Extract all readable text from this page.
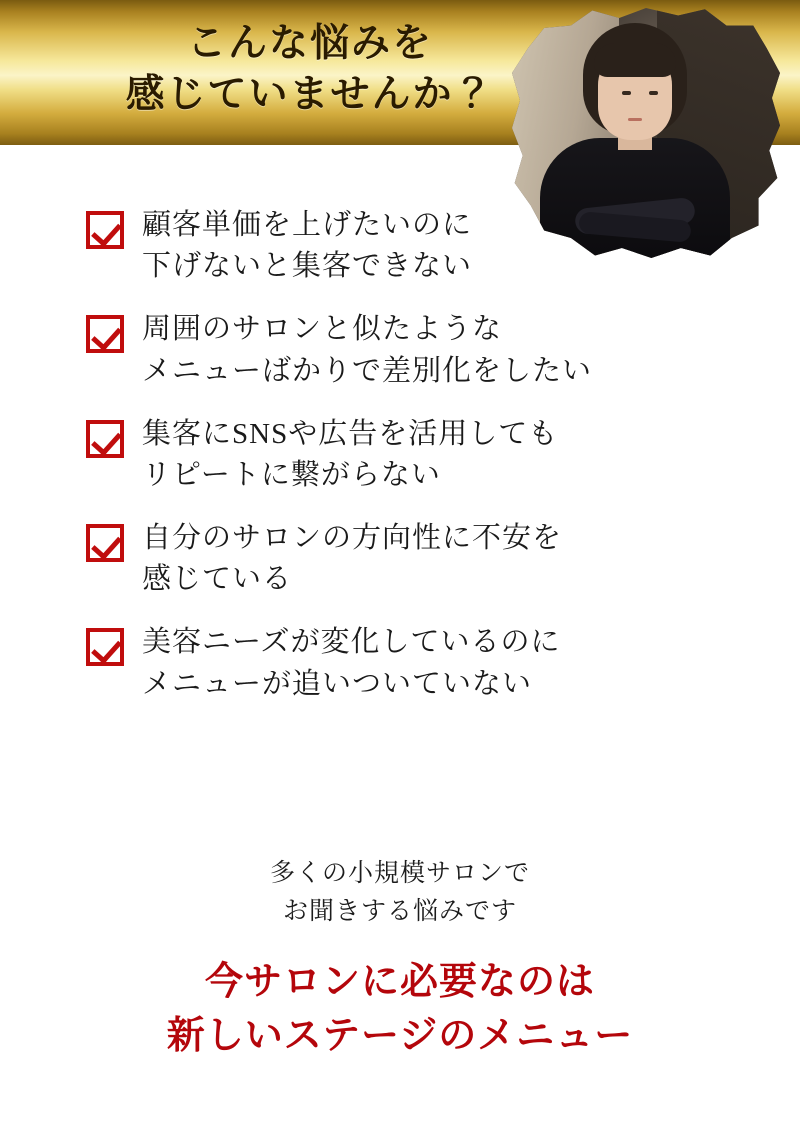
こんな悩みを
感じていませんか？
顧客単価を上げたいのに
下げないと集客できない
周囲のサロンと似たような
メニューばかりで差別化をしたい
集客にSNSや広告を活用しても
リピートに繋がらない
自分のサロンの方向性に不安を
感じている
美容ニーズが変化しているのに
メニューが追いついていない
多くの小規模サロンで
お聞きする悩みです
今サロンに必要なのは
新しいステージのメニュー
